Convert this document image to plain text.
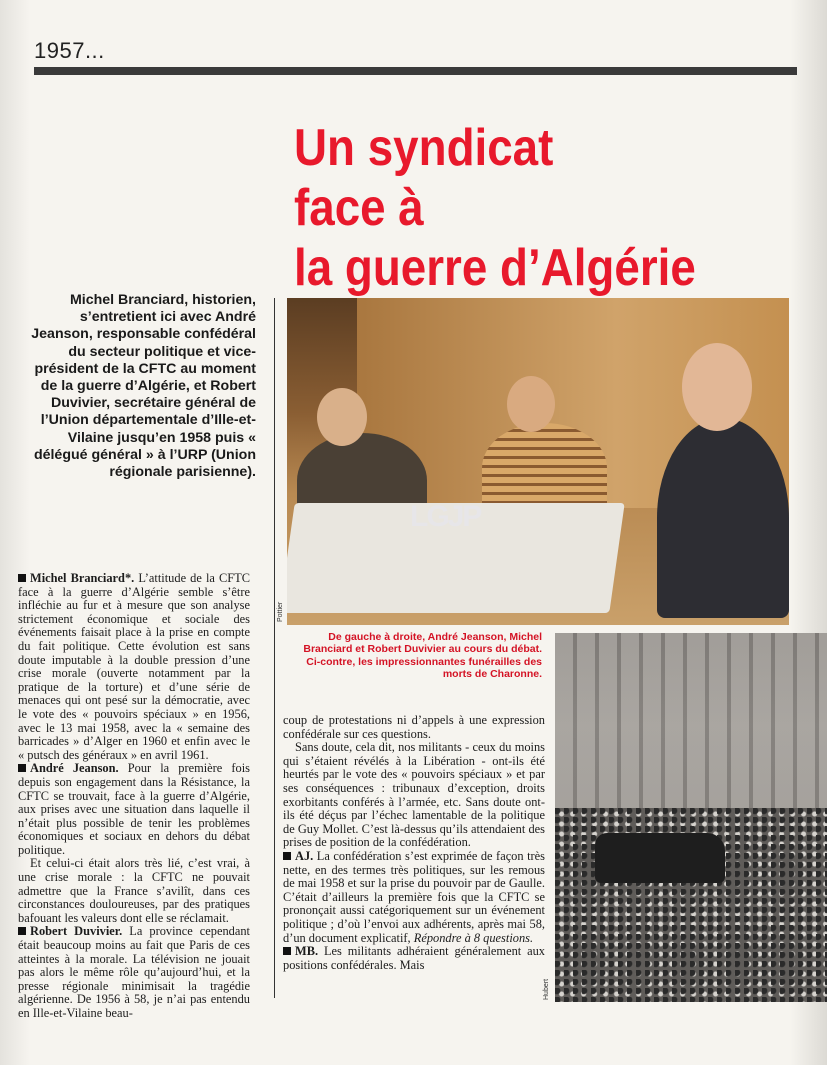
1957...
Un syndicat
face à
la guerre d’Algérie
Michel Branciard, historien, s’entretient ici avec André Jeanson, responsable confédéral du secteur politique et vice-président de la CFTC au moment de la guerre d’Algérie, et Robert Duvivier, secrétaire général de l’Union départementale d’Ille-et-Vilaine jusqu’en 1958 puis « délégué général » à l’URP (Union régionale parisienne).
LGJP
Pottier
De gauche à droite, André Jeanson, Michel Branciard et Robert Duvivier au cours du débat. Ci-contre, les impressionnantes funérailles des morts de Charonne.
Hubert

Michel Branciard*. L’attitude de la CFTC face à la guerre d’Algérie semble s’être infléchie au fur et à mesure que son analyse strictement économique et sociale des événements faisait place à la prise en compte du fait politique. Cette évolution est sans doute imputable à la double pression d’une crise morale (ouverte notamment par la pratique de la torture) et d’une série de menaces qui ont pesé sur la démocratie, avec le vote des « pouvoirs spéciaux » en 1956, avec le 13 mai 1958, avec la « semaine des barricades » d’Alger en 1960 et enfin avec le « putsch des généraux » en avril 1961.

André Jeanson. Pour la première fois depuis son engagement dans la Résistance, la CFTC se trouvait, face à la guerre d’Algérie, aux prises avec une situation dans laquelle il n’était plus possible de tenir les problèmes économiques et sociaux en dehors du débat politique.

Et celui-ci était alors très lié, c’est vrai, à une crise morale : la CFTC ne pouvait admettre que la France s’avilît, dans ces circonstances douloureuses, par des pratiques bafouant les valeurs dont elle se réclamait.

Robert Duvivier. La province cependant était beaucoup moins au fait que Paris de ces atteintes à la morale. La télévision ne jouait pas alors le même rôle qu’aujourd’hui, et la presse régionale minimisait la tragédie algérienne. De 1956 à 58, je n’ai pas entendu en Ille-et-Vilaine beau-

coup de protestations ni d’appels à une expression confédérale sur ces questions.

Sans doute, cela dit, nos militants - ceux du moins qui s’étaient révélés à la Libération - ont-ils été heurtés par le vote des « pouvoirs spéciaux » et par ses conséquences : tribunaux d’exception, droits exorbitants conférés à l’armée, etc. Sans doute ont-ils été déçus par l’échec lamentable de la politique de Guy Mollet. C’est là-dessus qu’ils attendaient des prises de position de la confédération.

AJ. La confédération s’est exprimée de façon très nette, en des termes très politiques, sur les remous de mai 1958 et sur la prise du pouvoir par de Gaulle. C’était d’ailleurs la première fois que la CFTC se prononçait aussi catégoriquement sur un événement politique ; d’où l’envoi aux adhérents, après mai 58, d’un document explicatif, Répondre à 8 questions.

MB. Les militants adhéraient généralement aux positions confédérales. Mais
